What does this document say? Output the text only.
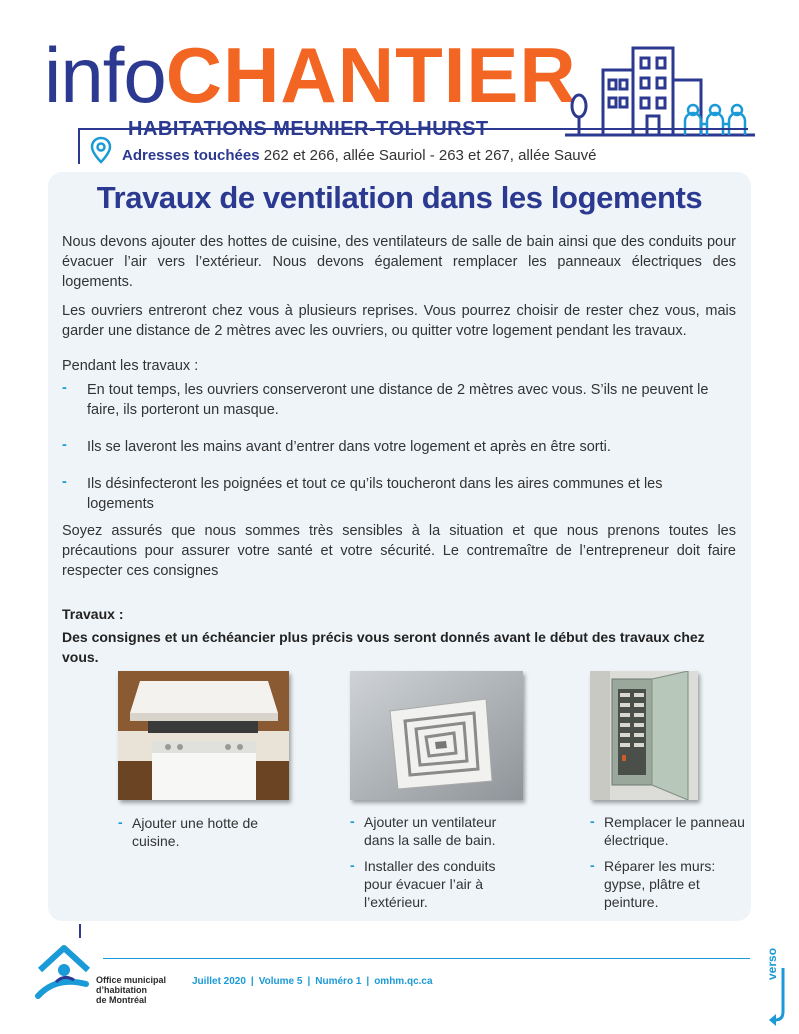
infoCHANTIER
HABITATIONS MEUNIER-TOLHURST
Adresses touchées 262 et 266, allée Sauriol - 263 et 267, allée Sauvé
Travaux de ventilation dans les logements
Nous devons ajouter des hottes de cuisine, des ventilateurs de salle de bain ainsi que des conduits pour évacuer l’air vers l’extérieur. Nous devons également remplacer les panneaux électriques des logements.
Les ouvriers entreront chez vous à plusieurs reprises. Vous pourrez choisir de rester chez vous, mais garder une distance de 2 mètres avec les ouvriers, ou quitter votre logement pendant les travaux.
Pendant les travaux :
- En tout temps, les ouvriers conserveront une distance de 2 mètres avec vous. S’ils ne peuvent le faire, ils porteront un masque.
- Ils se laveront les mains avant d’entrer dans votre logement et après en être sorti.
- Ils désinfecteront les poignées et tout ce qu’ils toucheront dans les aires communes et les logements
Soyez assurés que nous sommes très sensibles à la situation et que nous prenons toutes les précautions pour assurer votre santé et votre sécurité. Le contremaître de l’entrepreneur doit faire respecter ces consignes
Travaux :
Des consignes et un échéancier plus précis vous seront donnés avant le début des travaux chez vous.
- Ajouter une hotte de cuisine.
- Ajouter un ventilateur dans la salle de bain.
- Installer des conduits pour évacuer l’air à l’extérieur.
- Remplacer le panneau électrique.
- Réparer les murs: gypse, plâtre et peinture.
Office municipal
d’habitation
de Montréal
Juillet 2020 | Volume 5 | Numéro 1 | omhm.qc.ca
verso
